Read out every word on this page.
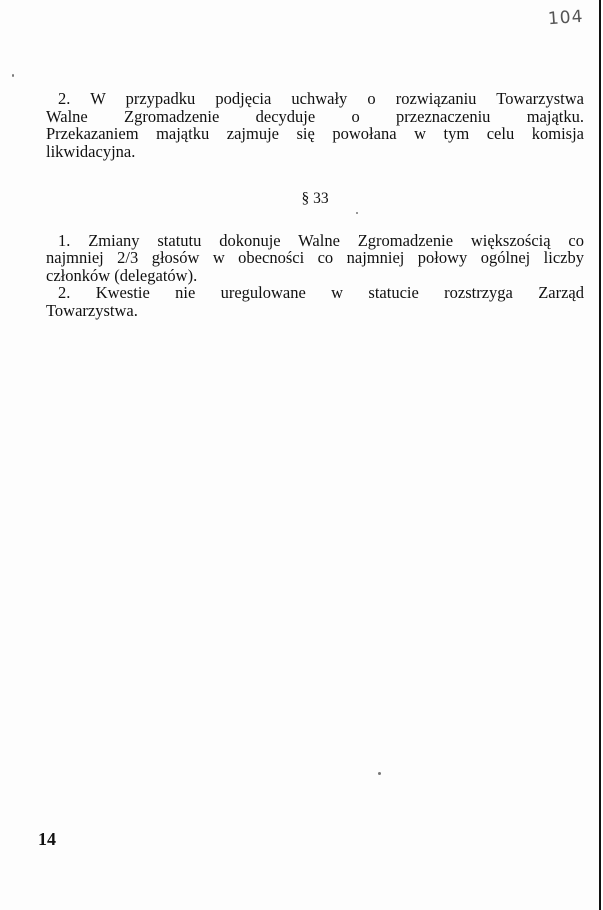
104

2. W przypadku podjęcia uchwały o rozwiązaniu Towarzystwa
Walne Zgromadzenie decyduje o przeznaczeniu majątku.
Przekazaniem majątku zajmuje się powołana w tym celu komisja
likwidacyjna.

§ 33

1. Zmiany statutu dokonuje Walne Zgromadzenie większością co
najmniej 2/3 głosów w obecności co najmniej połowy ogólnej liczby
członków (delegatów).

2. Kwestie nie uregulowane w statucie rozstrzyga Zarząd
Towarzystwa.

14
